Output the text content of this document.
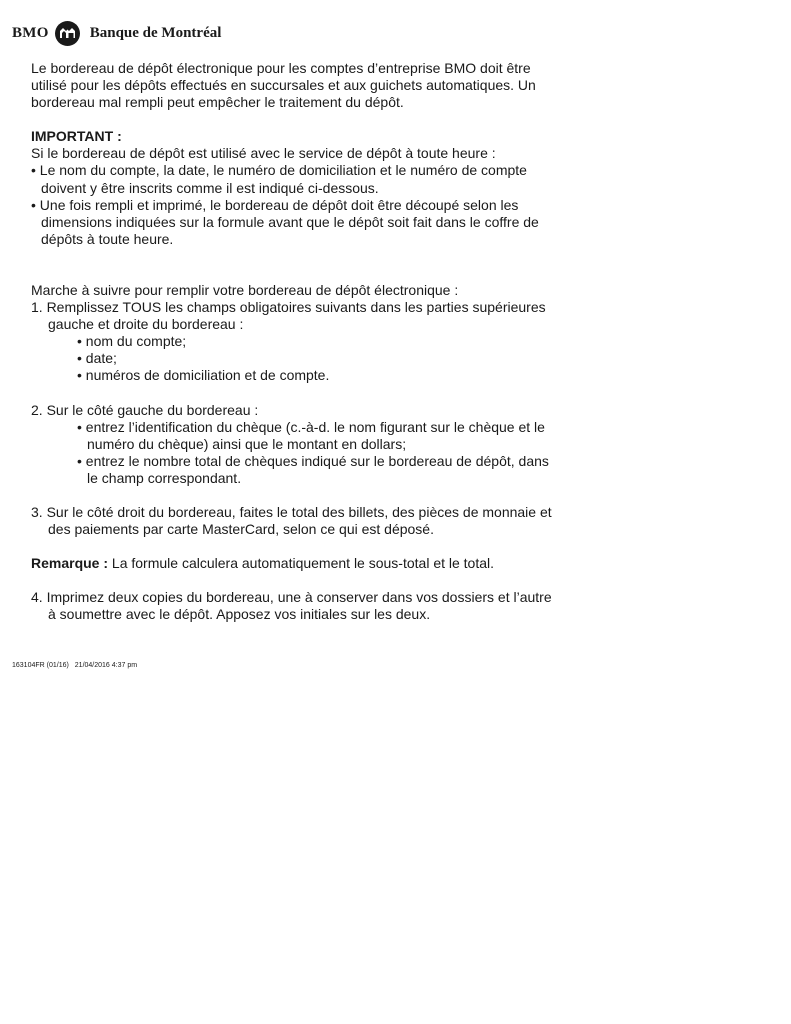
BMO	Banque de Montréal

Le bordereau de dépôt électronique pour les comptes d’entreprise BMO doit être

utilisé pour les dépôts effectués en succursales et aux guichets automatiques. Un

bordereau mal rempli peut empêcher le traitement du dépôt.

IMPORTANT :

Si le bordereau de dépôt est utilisé avec le service de dépôt à toute heure :

• Le nom du compte, la date, le numéro de domiciliation et le numéro de compte

doivent y être inscrits comme il est indiqué ci-dessous.

• Une fois rempli et imprimé, le bordereau de dépôt doit être découpé selon les

dimensions indiquées sur la formule avant que le dépôt soit fait dans le coffre de

dépôts à toute heure.

Marche à suivre pour remplir votre bordereau de dépôt électronique :

1. Remplissez TOUS les champs obligatoires suivants dans les parties supérieures

gauche et droite du bordereau :

• nom du compte;

• date;

• numéros de domiciliation et de compte.

2. Sur le côté gauche du bordereau :

• entrez l’identification du chèque (c.-à-d. le nom figurant sur le chèque et le

numéro du chèque) ainsi que le montant en dollars;

• entrez le nombre total de chèques indiqué sur le bordereau de dépôt, dans

le champ correspondant.

3. Sur le côté droit du bordereau, faites le total des billets, des pièces de monnaie et

des paiements par carte MasterCard, selon ce qui est déposé.

Remarque : La formule calculera automatiquement le sous-total et le total.

4. Imprimez deux copies du bordereau, une à conserver dans vos dossiers et l’autre

à soumettre avec le dépôt. Apposez vos initiales sur les deux.

163104FR (01/16) 21/04/2016 4:37 pm
